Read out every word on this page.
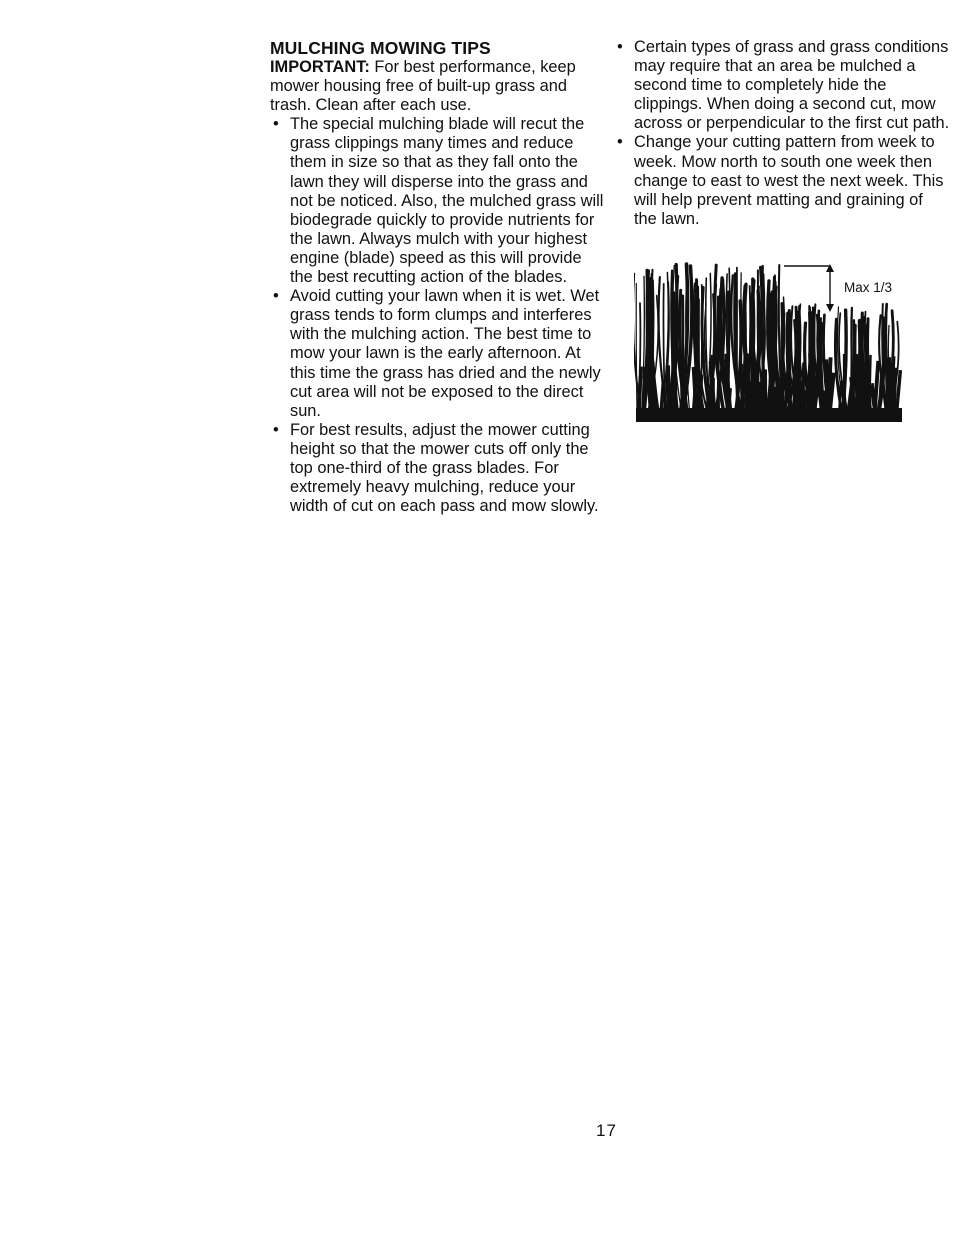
MULCHING MOWING TIPS

IMPORTANT: For best performance, keep mower housing free of built-up grass and trash. Clean after each use.

• The special mulching blade will recut the grass clippings many times and reduce them in size so that as they fall onto the lawn they will disperse into the grass and not be noticed. Also, the mulched grass will biodegrade quickly to provide nutrients for the lawn. Always mulch with your highest engine (blade) speed as this will provide the best recutting action of the blades.
• Avoid cutting your lawn when it is wet. Wet grass tends to form clumps and interferes with the mulching action. The best time to mow your lawn is the early afternoon. At this time the grass has dried and the newly cut area will not be exposed to the direct sun.
• For best results, adjust the mower cutting height so that the mower cuts off only the top one-third of the grass blades. For extremely heavy mulching, reduce your width of cut on each pass and mow slowly.
• Certain types of grass and grass conditions may require that an area be mulched a second time to completely hide the clippings. When doing a second cut, mow across or perpendicular to the first cut path.
• Change your cutting pattern from week to week. Mow north to south one week then change to east to west the next week. This will help prevent matting and graining of the lawn.
Max 1/3
17
